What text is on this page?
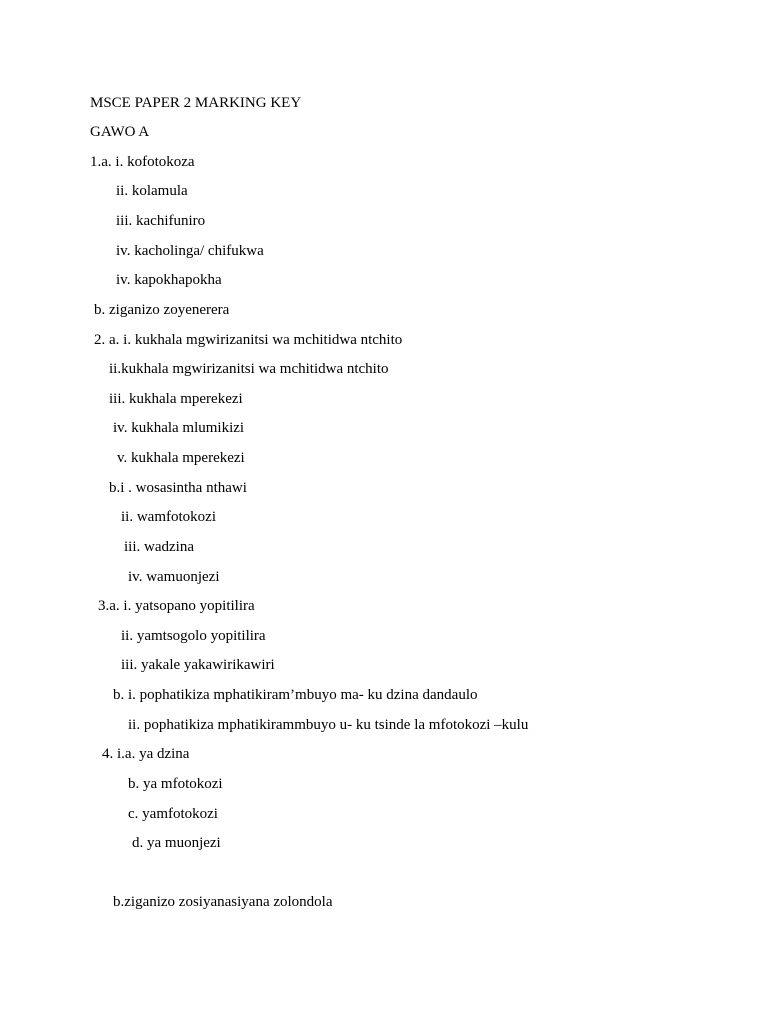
MSCE PAPER 2 MARKING KEY
GAWO A
1.a. i. kofotokoza
ii. kolamula
iii. kachifuniro
iv. kacholinga/ chifukwa
iv. kapokhapokha
b. ziganizo zoyenerera
2. a. i. kukhala mgwirizanitsi wa mchitidwa ntchito
ii.kukhala mgwirizanitsi wa mchitidwa ntchito
iii. kukhala mperekezi
iv. kukhala mlumikizi
v. kukhala mperekezi
b.i . wosasintha nthawi
ii. wamfotokozi
iii. wadzina
iv. wamuonjezi
3.a. i. yatsopano yopitilira
ii. yamtsogolo yopitilira
iii. yakale yakawirikawiri
b. i. pophatikiza mphatikiram’mbuyo ma- ku dzina dandaulo
ii. pophatikiza mphatikirammbuyo u- ku tsinde la mfotokozi –kulu
4. i.a. ya dzina
b. ya mfotokozi
c. yamfotokozi
d. ya muonjezi
b.ziganizo zosiyanasiyana zolondola
